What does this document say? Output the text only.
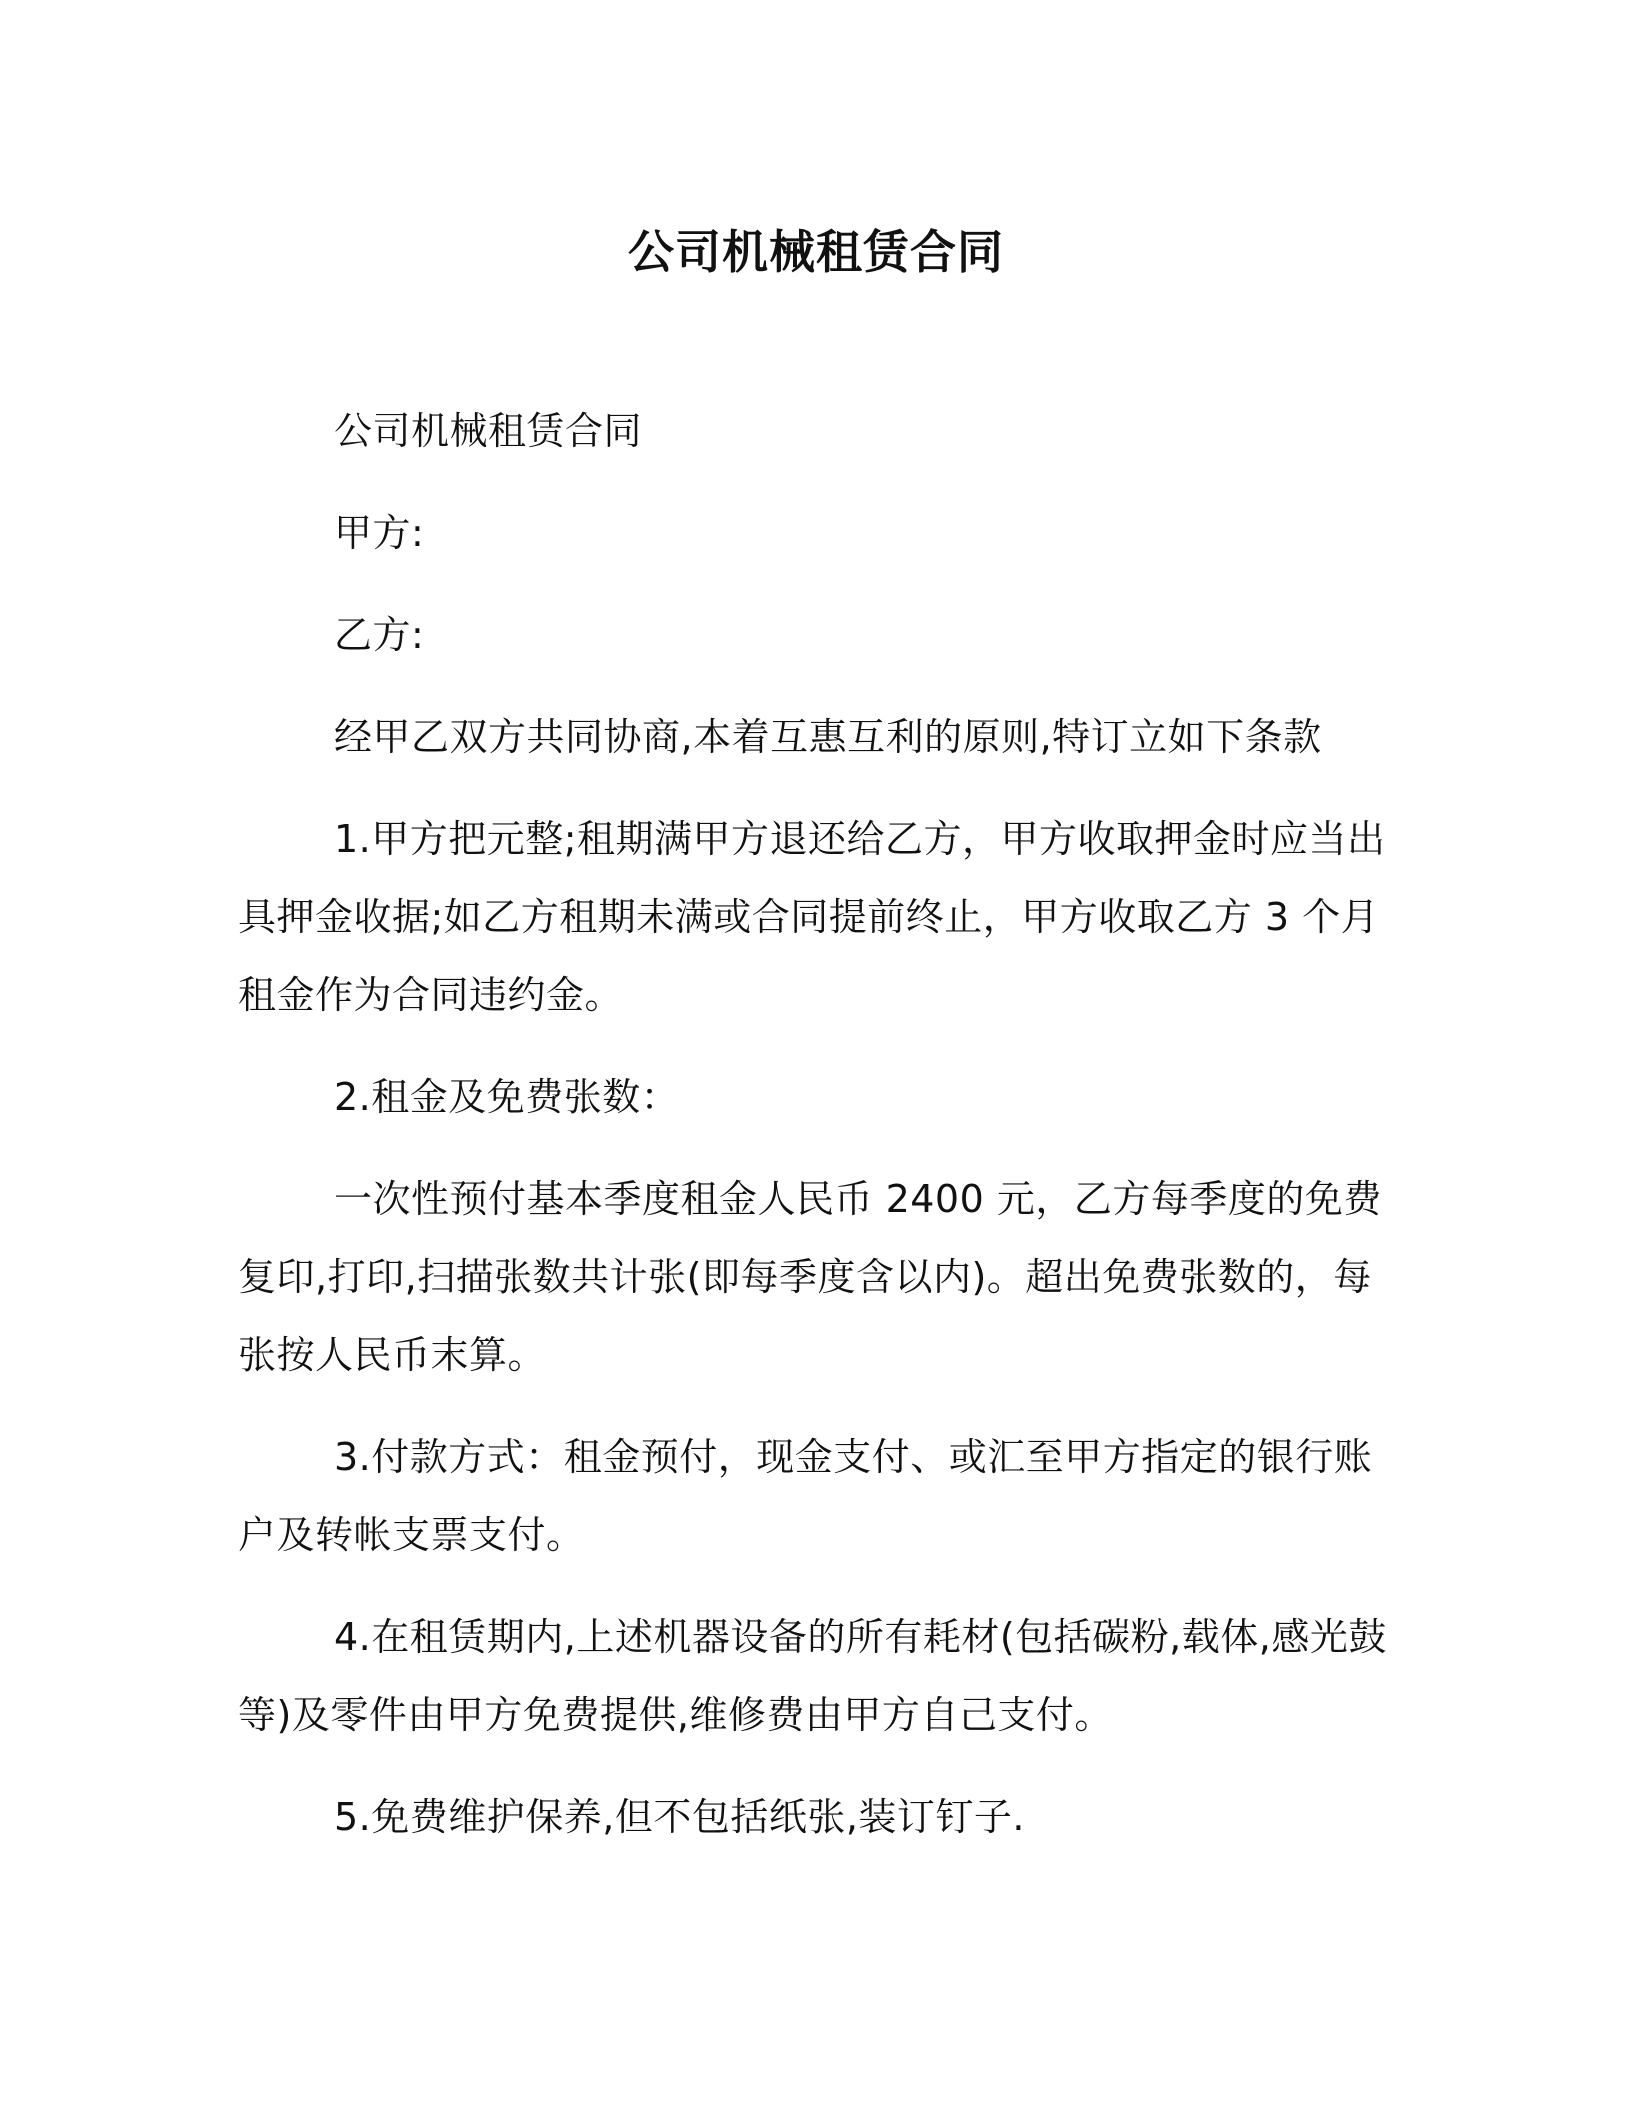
公司机械租赁合同

公司机械租赁合同

甲方:

乙方:

经甲乙双方共同协商,本着互惠互利的原则,特订立如下条款

1.甲方把元整;租期满甲方退还给乙方，甲方收取押金时应当出具押金收据;如乙方租期未满或合同提前终止，甲方收取乙方 3 个月租金作为合同违约金。

2.租金及免费张数：

一次性预付基本季度租金人民币 2400 元，乙方每季度的免费复印,打印,扫描张数共计张(即每季度含以内)。超出免费张数的，每张按人民币末算。

3.付款方式：租金预付，现金支付、或汇至甲方指定的银行账户及转帐支票支付。

4.在租赁期内,上述机器设备的所有耗材(包括碳粉,载体,感光鼓等)及零件由甲方免费提供,维修费由甲方自己支付。

5.免费维护保养,但不包括纸张,装订钉子.
